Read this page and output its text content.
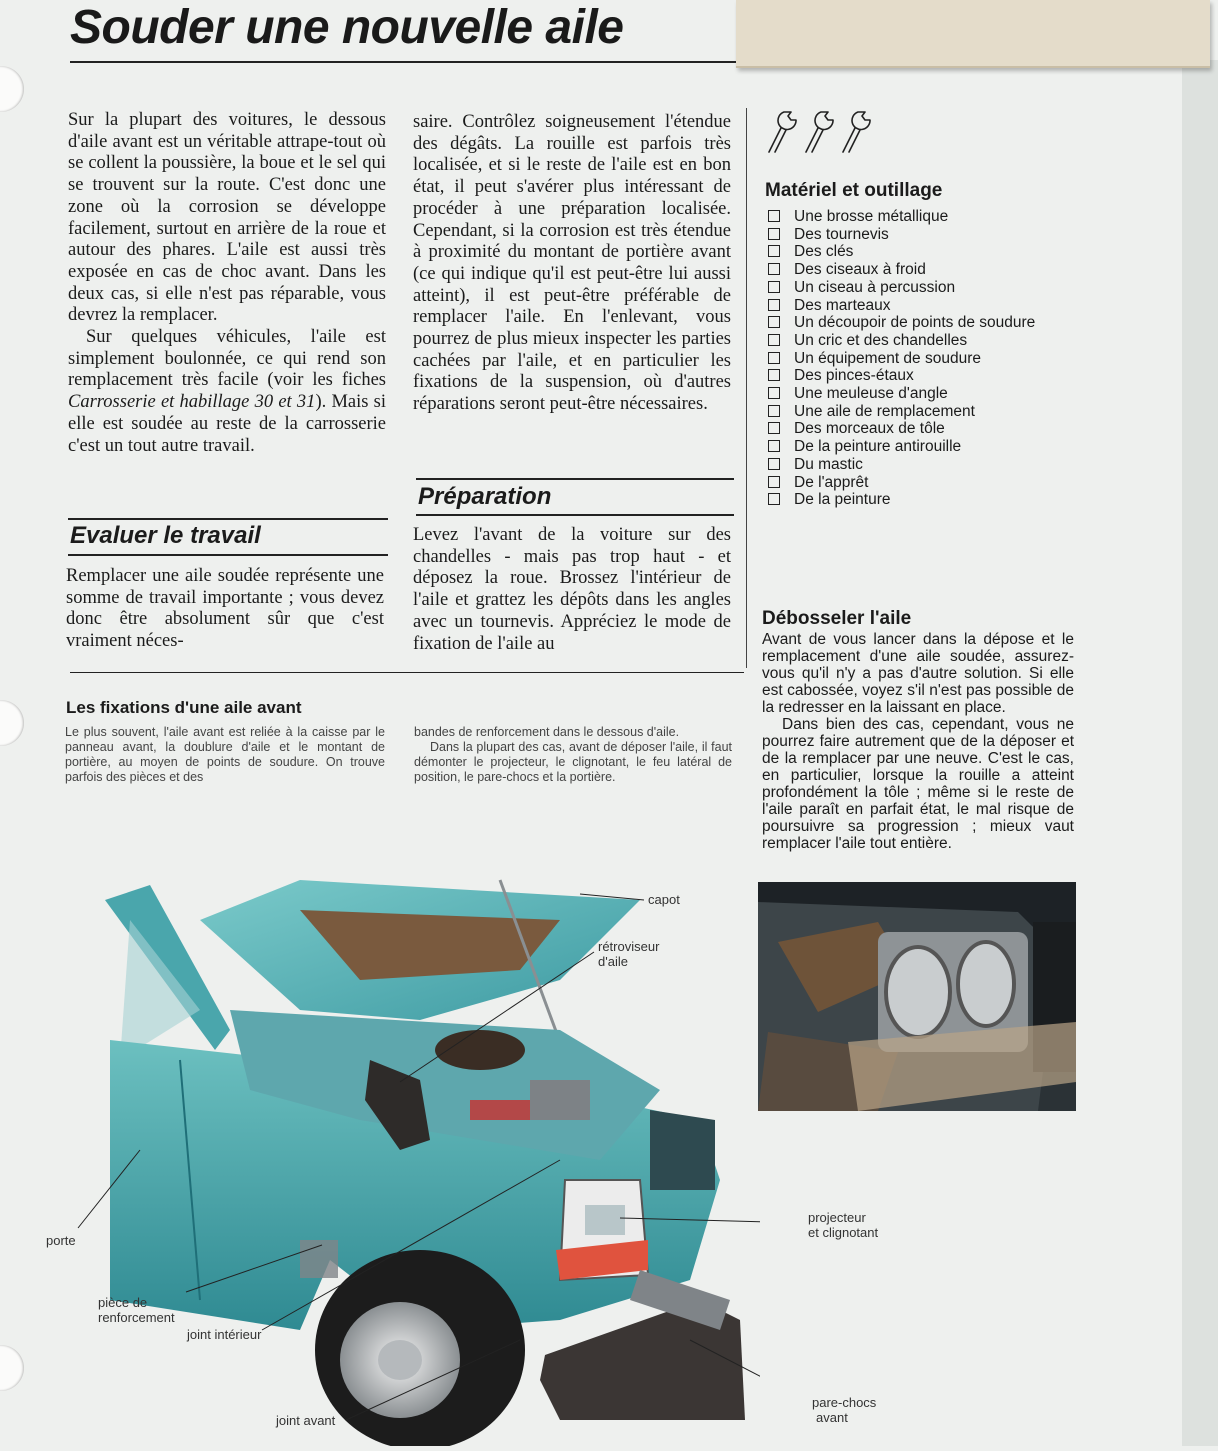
Souder une nouvelle aile

Sur la plupart des voitures, le dessous d'aile avant est un véritable attrape-tout où se collent la poussière, la boue et le sel qui se trouvent sur la route. C'est donc une zone où la corrosion se développe facilement, surtout en arrière de la roue et autour des phares. L'aile est aussi très exposée en cas de choc avant. Dans les deux cas, si elle n'est pas réparable, vous devrez la remplacer.

Sur quelques véhicules, l'aile est simplement boulonnée, ce qui rend son remplacement très facile (voir les fiches Carrosserie et habillage 30 et 31). Mais si elle est soudée au reste de la carrosserie c'est un tout autre travail.

Evaluer le travail
Remplacer une aile soudée représente une somme de travail importante ; vous devez donc être absolument sûr que c'est vraiment néces-
saire. Contrôlez soigneusement l'étendue des dégâts. La rouille est parfois très localisée, et si le reste de l'aile est en bon état, il peut s'avérer plus intéressant de procéder à une préparation localisée. Cependant, si la corrosion est très étendue à proximité du montant de portière avant (ce qui indique qu'il est peut-être lui aussi atteint), il est peut-être préférable de remplacer l'aile. En l'enlevant, vous pourrez de plus mieux inspecter les parties cachées par l'aile, et en particulier les fixations de la suspension, où d'autres réparations seront peut-être nécessaires.
Préparation
Levez l'avant de la voiture sur des chandelles - mais pas trop haut - et déposez la roue. Brossez l'intérieur de l'aile et grattez les dépôts dans les angles avec un tournevis. Appréciez le mode de fixation de l'aile au
Matériel et outillage
Une brosse métallique
Des tournevis
Des clés
Des ciseaux à froid
Un ciseau à percussion
Des marteaux
Un découpoir de points de soudure
Un cric et des chandelles
Un équipement de soudure
Des pinces-étaux
Une meuleuse d'angle
Une aile de remplacement
Des morceaux de tôle
De la peinture antirouille
Du mastic
De l'apprêt
De la peinture
Débosseler l'aile

Avant de vous lancer dans la dépose et le remplacement d'une aile soudée, assurez-vous qu'il n'y a pas d'autre solution. Si elle est cabossée, voyez s'il n'est pas possible de la redresser en la laissant en place.

Dans bien des cas, cependant, vous ne pourrez faire autrement que de la déposer et de la remplacer par une neuve. C'est le cas, en particulier, lorsque la rouille a atteint profondément la tôle ; même si le reste de l'aile paraît en parfait état, le mal risque de poursuivre sa progression ; mieux vaut remplacer l'aile tout entière.

Les fixations d'une aile avant
Le plus souvent, l'aile avant est reliée à la caisse par le panneau avant, la doublure d'aile et le montant de portière, au moyen de points de soudure. On trouve parfois des pièces et des

bandes de renforcement dans le dessous d'aile.

Dans la plupart des cas, avant de déposer l'aile, il faut démonter le projecteur, le clignotant, le feu latéral de position, le pare-chocs et la portière.

capot
rétroviseur
d'aile
porte
pièce de
renforcement
joint intérieur
joint avant
projecteur
et clignotant
pare-chocs
avant
